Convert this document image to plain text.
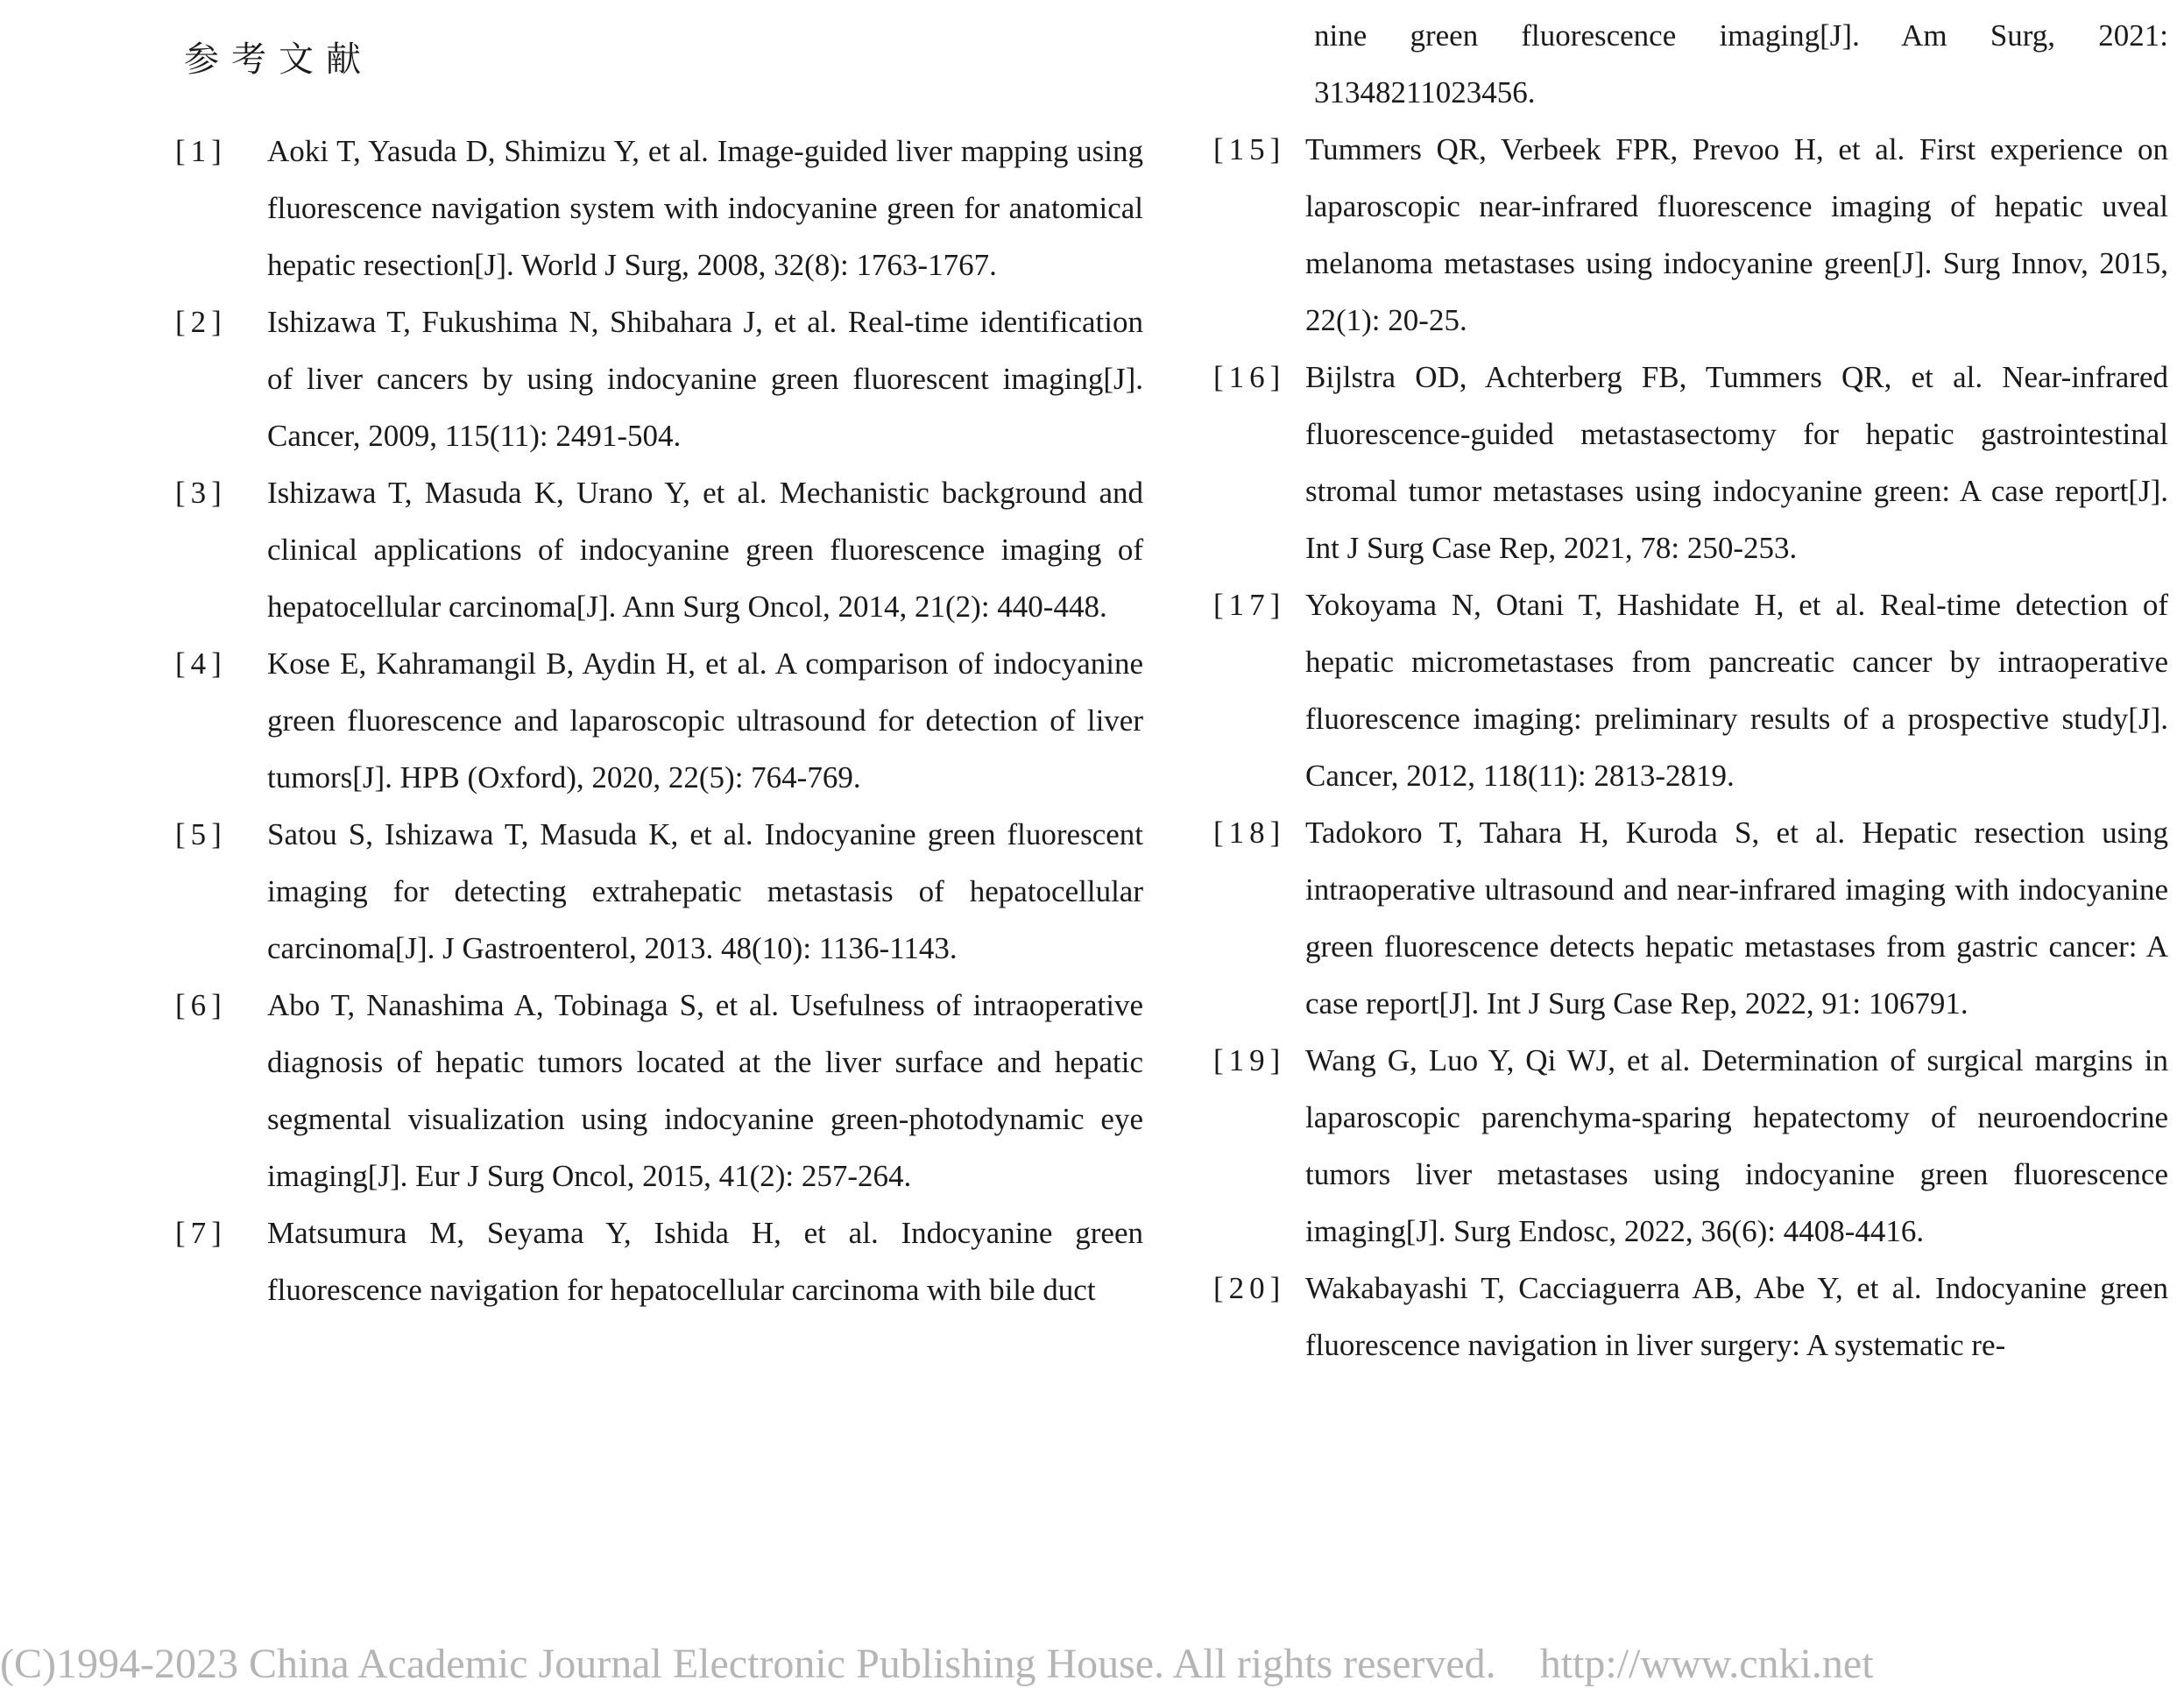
参考文献
[1]	Aoki T, Yasuda D, Shimizu Y, et al. Image-guided liver mapping using fluorescence navigation system with indocyanine green for anatomical hepatic resection[J]. World J Surg, 2008, 32(8): 1763-1767.
[2]	Ishizawa T, Fukushima N, Shibahara J, et al. Real-time identification of liver cancers by using indocyanine green fluorescent imaging[J]. Cancer, 2009, 115(11): 2491-504.
[3]	Ishizawa T, Masuda K, Urano Y, et al. Mechanistic background and clinical applications of indocyanine green fluorescence imaging of hepatocellular carcinoma[J]. Ann Surg Oncol, 2014, 21(2): 440-448.
[4]	Kose E, Kahramangil B, Aydin H, et al. A comparison of indocyanine green fluorescence and laparoscopic ultrasound for detection of liver tumors[J]. HPB (Oxford), 2020, 22(5): 764-769.
[5]	Satou S, Ishizawa T, Masuda K, et al. Indocyanine green fluorescent imaging for detecting extrahepatic metastasis of hepatocellular carcinoma[J]. J Gastroenterol, 2013. 48(10): 1136-1143.
[6]	Abo T, Nanashima A, Tobinaga S, et al. Usefulness of intraoperative diagnosis of hepatic tumors located at the liver surface and hepatic segmental visualization using indocyanine green-photodynamic eye imaging[J]. Eur J Surg Oncol, 2015, 41(2): 257-264.
[7]	Matsumura M, Seyama Y, Ishida H, et al. Indocyanine green fluorescence navigation for hepatocellular carcinoma with bile duct
nine green fluorescence imaging[J]. Am Surg, 2021: 31348211023456.
[15] Tummers QR, Verbeek FPR, Prevoo H, et al. First experience on laparoscopic near-infrared fluorescence imaging of hepatic uveal melanoma metastases using indocyanine green[J]. Surg Innov, 2015, 22(1): 20-25.
[16] Bijlstra OD, Achterberg FB, Tummers QR, et al. Near-infrared fluorescence-guided metastasectomy for hepatic gastrointestinal stromal tumor metastases using indocyanine green: A case report[J]. Int J Surg Case Rep, 2021, 78: 250-253.
[17] Yokoyama N, Otani T, Hashidate H, et al. Real-time detection of hepatic micrometastases from pancreatic cancer by intraoperative fluorescence imaging: preliminary results of a prospective study[J]. Cancer, 2012, 118(11): 2813-2819.
[18] Tadokoro T, Tahara H, Kuroda S, et al. Hepatic resection using intraoperative ultrasound and near-infrared imaging with indocyanine green fluorescence detects hepatic metastases from gastric cancer: A case report[J]. Int J Surg Case Rep, 2022, 91: 106791.
[19] Wang G, Luo Y, Qi WJ, et al. Determination of surgical margins in laparoscopic parenchyma-sparing hepatectomy of neuroendocrine tumors liver metastases using indocyanine green fluorescence imaging[J]. Surg Endosc, 2022, 36(6): 4408-4416.
[20] Wakabayashi T, Cacciaguerra AB, Abe Y, et al. Indocyanine green fluorescence navigation in liver surgery: A systematic re-
(C)1994-2023 China Academic Journal Electronic Publishing House. All rights reserved. http://www.cnki.net
